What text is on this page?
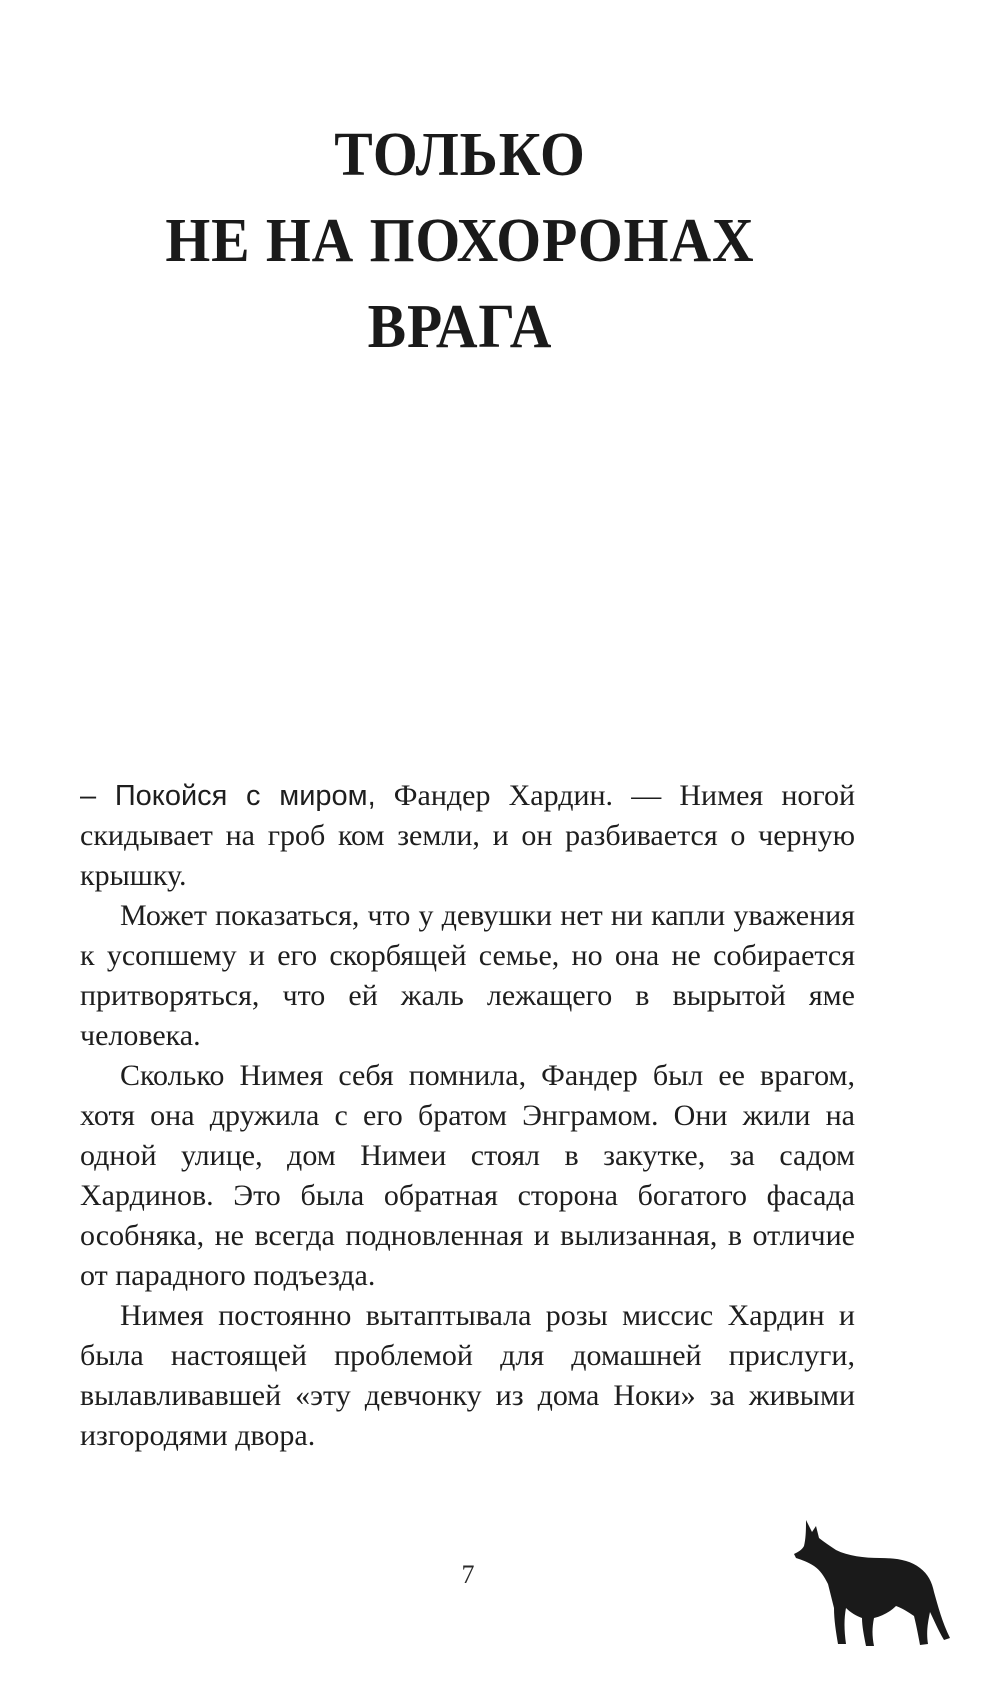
ТОЛЬКО
НЕ НА ПОХОРОНАХ
ВРАГА

– Покойся с миром, Фандер Хардин. — Нимея ногой скидывает на гроб ком земли, и он разбивается о черную крышку.

Может показаться, что у девушки нет ни капли уважения к усопшему и его скорбящей семье, но она не собирается притворяться, что ей жаль лежащего в вырытой яме человека.

Сколько Нимея себя помнила, Фандер был ее врагом, хотя она дружила с его братом Энграмом. Они жили на одной улице, дом Нимеи стоял в закутке, за садом Хардинов. Это была обратная сторона богатого фасада особняка, не всегда подновленная и вылизанная, в отличие от парадного подъезда.

Нимея постоянно вытаптывала розы миссис Хардин и была настоящей проблемой для домашней прислуги, вылавливавшей «эту девчонку из дома Ноки» за живыми изгородями двора.

7
